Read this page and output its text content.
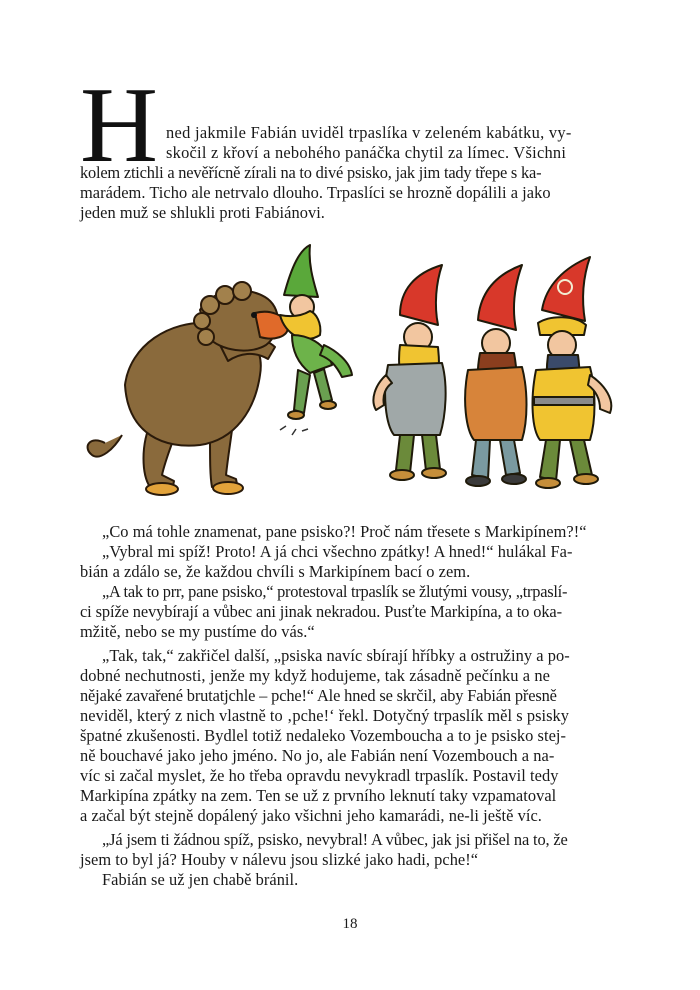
H ned jakmile Fabián uviděl trpaslíka v zeleném kabátku, vy-
skočil z křoví a nebohého panáčka chytil za límec. Všichni
kolem ztichli a nevěřícně zírali na to divé psisko, jak jim tady třepe s ka-
marádem. Ticho ale netrvalo dlouho. Trpaslíci se hrozně dopálili a jako
jeden muž se shlukli proti Fabiánovi.
„Co má tohle znamenat, pane psisko?! Proč nám třesete s Markipínem?!“
„Vybral mi spíž! Proto! A já chci všechno zpátky! A hned!“ hulákal Fa-
bián a zdálo se, že každou chvíli s Markipínem bací o zem.
„A tak to prr, pane psisko,“ protestoval trpaslík se žlutými vousy, „trpaslí-
ci spíže nevybírají a vůbec ani jinak nekradou. Pusťte Markipína, a to oka-
mžitě, nebo se my pustíme do vás.“
„Tak, tak,“ zakřičel další, „psiska navíc sbírají hříbky a ostružiny a po-
dobné nechutnosti, jenže my když hodujeme, tak zásadně pečínku a ne
nějaké zavařené brutatjchle – pche!“ Ale hned se skrčil, aby Fabián přesně
neviděl, který z nich vlastně to ‚pche!‘ řekl. Dotyčný trpaslík měl s psisky
špatné zkušenosti. Bydlel totiž nedaleko Vozemboucha a to je psisko stej-
ně bouchavé jako jeho jméno. No jo, ale Fabián není Vozembouch a na-
víc si začal myslet, že ho třeba opravdu nevykradl trpaslík. Postavil tedy
Markipína zpátky na zem. Ten se už z prvního leknutí taky vzpamatoval
a začal být stejně dopálený jako všichni jeho kamarádi, ne-li ještě víc.
„Já jsem ti žádnou spíž, psisko, nevybral! A vůbec, jak jsi přišel na to, že
jsem to byl já? Houby v nálevu jsou slizké jako hadi, pche!“
Fabián se už jen chabě bránil.
18
